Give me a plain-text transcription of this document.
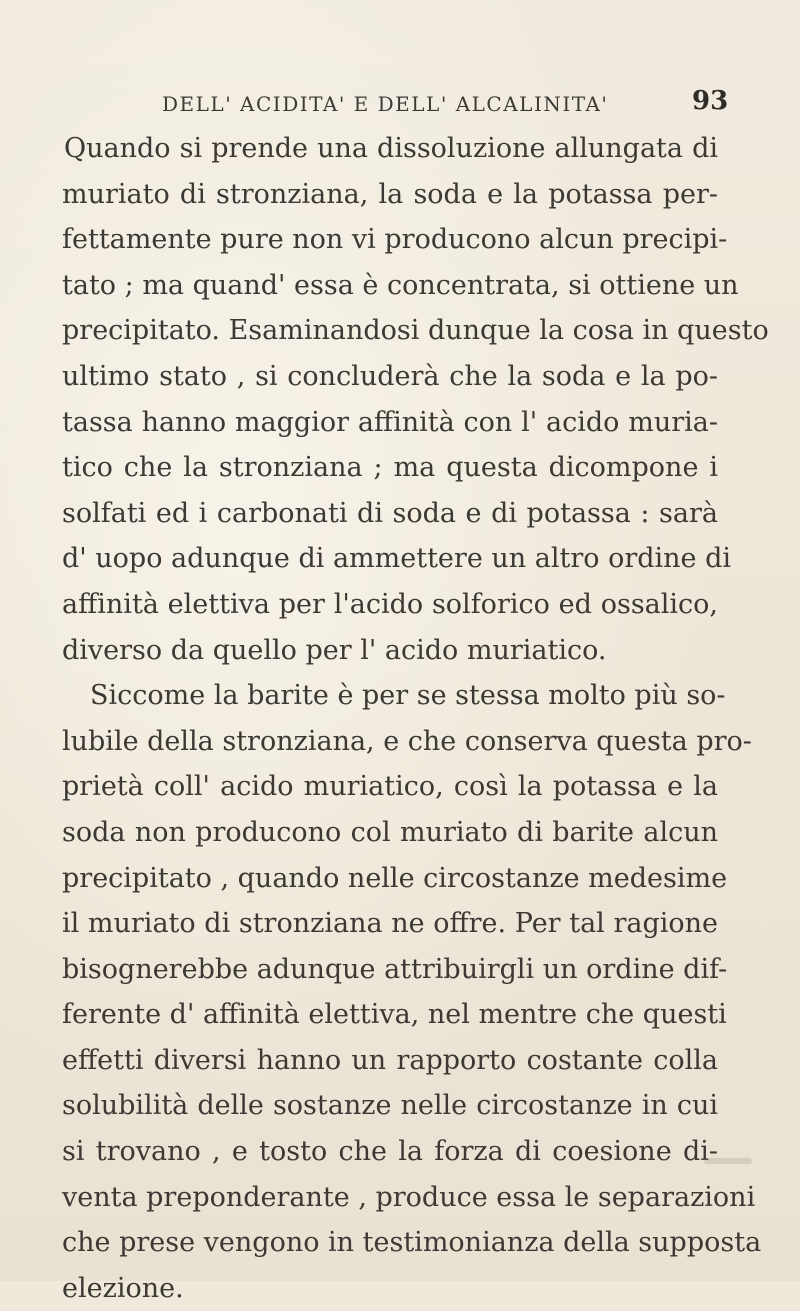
DELL' ACIDITA' E DELL' ALCALINITA'	93
Quando si prende una dissoluzione allungata di
muriato di stronziana, la soda e la potassa per-
fettamente pure non vi producono alcun precipi-
tato ; ma quand' essa è concentrata, si ottiene un
precipitato. Esaminandosi dunque la cosa in questo
ultimo stato , si concluderà che la soda e la po-
tassa hanno maggior affinità con l' acido muria-
tico che la stronziana ; ma questa dicompone i
solfati ed i carbonati di soda e di potassa : sarà
d' uopo adunque di ammettere un altro ordine di
affinità elettiva per l'acido solforico ed ossalico,
diverso da quello per l' acido muriatico.
Siccome la barite è per se stessa molto più so-
lubile della stronziana, e che conserva questa pro-
prietà coll' acido muriatico, così la potassa e la
soda non producono col muriato di barite alcun
precipitato , quando nelle circostanze medesime
il muriato di stronziana ne offre. Per tal ragione
bisognerebbe adunque attribuirgli un ordine dif-
ferente d' affinità elettiva, nel mentre che questi
effetti diversi hanno un rapporto costante colla
solubilità delle sostanze nelle circostanze in cui
si trovano , e tosto che la forza di coesione di-
venta preponderante , produce essa le separazioni
che prese vengono in testimonianza della supposta
elezione.
